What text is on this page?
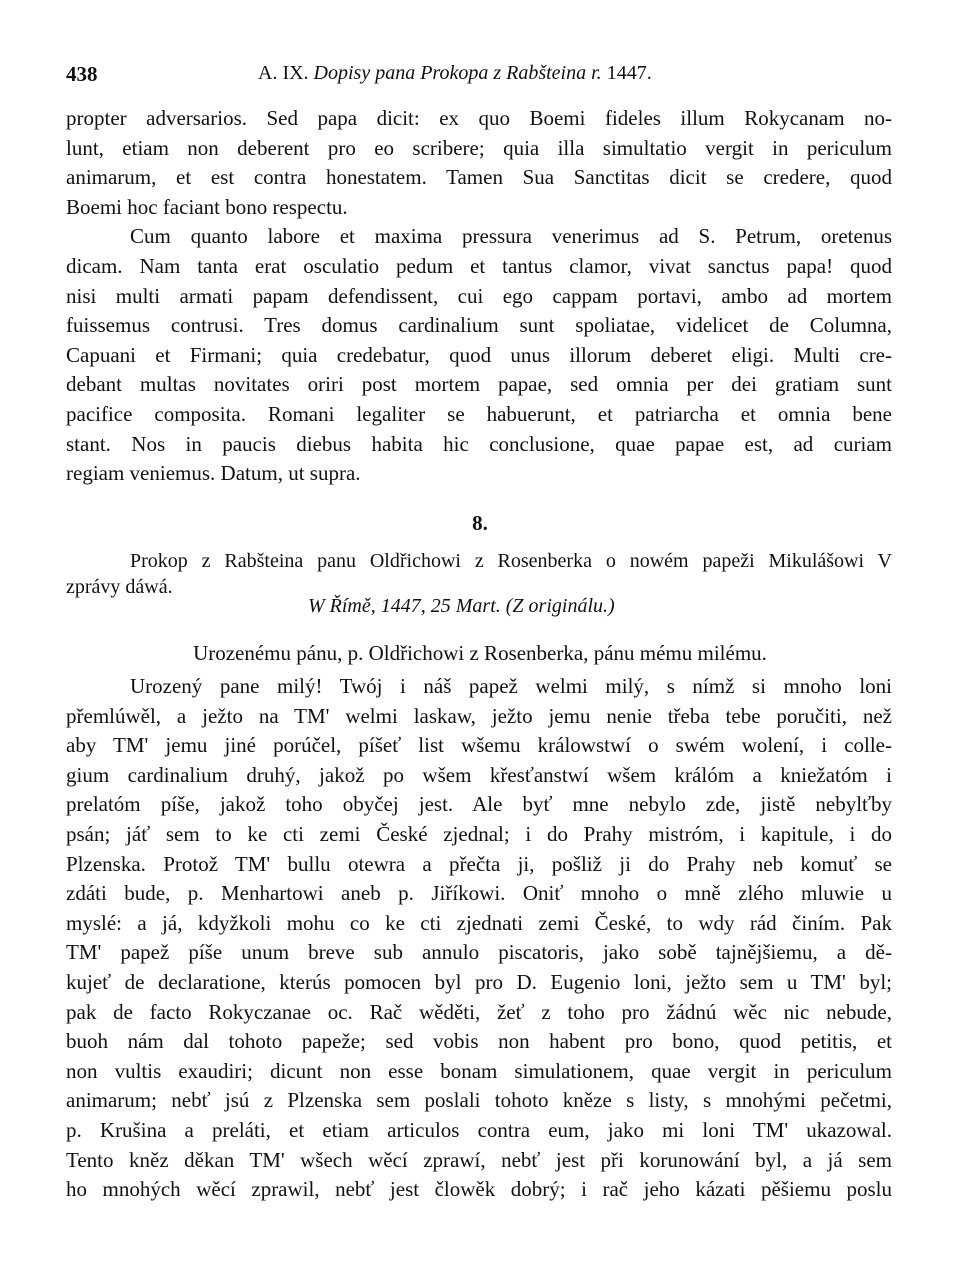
438	A. IX. Dopisy pana Prokopa z Rabšteina r. 1447.
propter adversarios. Sed papa dicit: ex quo Boemi fideles illum Rokycanam no-
lunt, etiam non deberent pro eo scribere; quia illa simultatio vergit in periculum
animarum, et est contra honestatem. Tamen Sua Sanctitas dicit se credere, quod
Boemi hoc faciant bono respectu.
Cum quanto labore et maxima pressura venerimus ad S. Petrum, oretenus
dicam. Nam tanta erat osculatio pedum et tantus clamor, vivat sanctus papa! quod
nisi multi armati papam defendissent, cui ego cappam portavi, ambo ad mortem
fuissemus contrusi. Tres domus cardinalium sunt spoliatae, videlicet de Columna,
Capuani et Firmani; quia credebatur, quod unus illorum deberet eligi. Multi cre-
debant multas novitates oriri post mortem papae, sed omnia per dei gratiam sunt
pacifice composita. Romani legaliter se habuerunt, et patriarcha et omnia bene
stant. Nos in paucis diebus habita hic conclusione, quae papae est, ad curiam
regiam veniemus. Datum, ut supra.
8.
Prokop z Rabšteina panu Oldřichowi z Rosenberka o nowém papeži Mikulášowi V
zprávy dáwá.
W Římě, 1447, 25 Mart. (Z originálu.)
Urozenému pánu, p. Oldřichowi z Rosenberka, pánu mému milému.
Urozený pane milý! Twój i náš papež welmi milý, s nímž si mnoho loni
přemlúwěl, a ježto na TM' welmi laskaw, ježto jemu nenie třeba tebe poručiti, než
aby TM' jemu jiné porúčel, píšeť list wšemu králowstwí o swém wolení, i colle-
gium cardinalium druhý, jakož po wšem křesťanstwí wšem králóm a kniežatóm i
prelatóm píše, jakož toho obyčej jest. Ale byť mne nebylo zde, jistě nebylťby
psán; jáť sem to ke cti zemi České zjednal; i do Prahy mistróm, i kapitule, i do
Plzenska. Protož TM' bullu otewra a přečta ji, pošliž ji do Prahy neb komuť se
zdáti bude, p. Menhartowi aneb p. Jiříkowi. Oniť mnoho o mně zlého mluwie u
myslé: a já, kdyžkoli mohu co ke cti zjednati zemi České, to wdy rád činím. Pak
TM' papež píše unum breve sub annulo piscatoris, jako sobě tajnějšiemu, a dě-
kujeť de declaratione, kterús pomocen byl pro D. Eugenio loni, ježto sem u TM' byl;
pak de facto Rokyczanae oc. Rač wěděti, žeť z toho pro žádnú wěc nic nebude,
buoh nám dal tohoto papeže; sed vobis non habent pro bono, quod petitis, et
non vultis exaudiri; dicunt non esse bonam simulationem, quae vergit in periculum
animarum; nebť jsú z Plzenska sem poslali tohoto kněze s listy, s mnohými pečetmi,
p. Krušina a preláti, et etiam articulos contra eum, jako mi loni TM' ukazowal.
Tento kněz děkan TM' wšech wěcí zprawí, nebť jest při korunowání byl, a já sem
ho mnohých wěcí zprawil, nebť jest člowěk dobrý; i rač jeho kázati pěšiemu poslu
